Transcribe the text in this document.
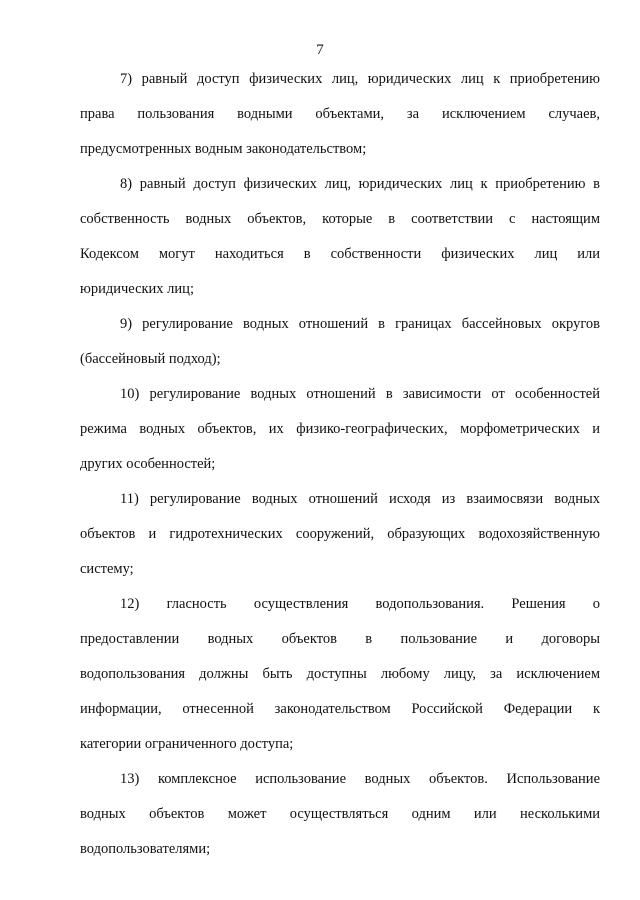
7
7) равный доступ физических лиц, юридических лиц к приобретению
права пользования водными объектами, за исключением случаев,
предусмотренных водным законодательством;
8) равный доступ физических лиц, юридических лиц к приобретению в
собственность водных объектов, которые в соответствии с настоящим
Кодексом могут находиться в собственности физических лиц или
юридических лиц;
9) регулирование водных отношений в границах бассейновых округов
(бассейновый подход);
10) регулирование водных отношений в зависимости от особенностей
режима водных объектов, их физико-географических, морфометрических и
других особенностей;
11) регулирование водных отношений исходя из взаимосвязи водных
объектов и гидротехнических сооружений, образующих водохозяйственную
систему;
12) гласность осуществления водопользования. Решения о
предоставлении водных объектов в пользование и договоры
водопользования должны быть доступны любому лицу, за исключением
информации, отнесенной законодательством Российской Федерации к
категории ограниченного доступа;
13) комплексное использование водных объектов. Использование
водных объектов может осуществляться одним или несколькими
водопользователями;
